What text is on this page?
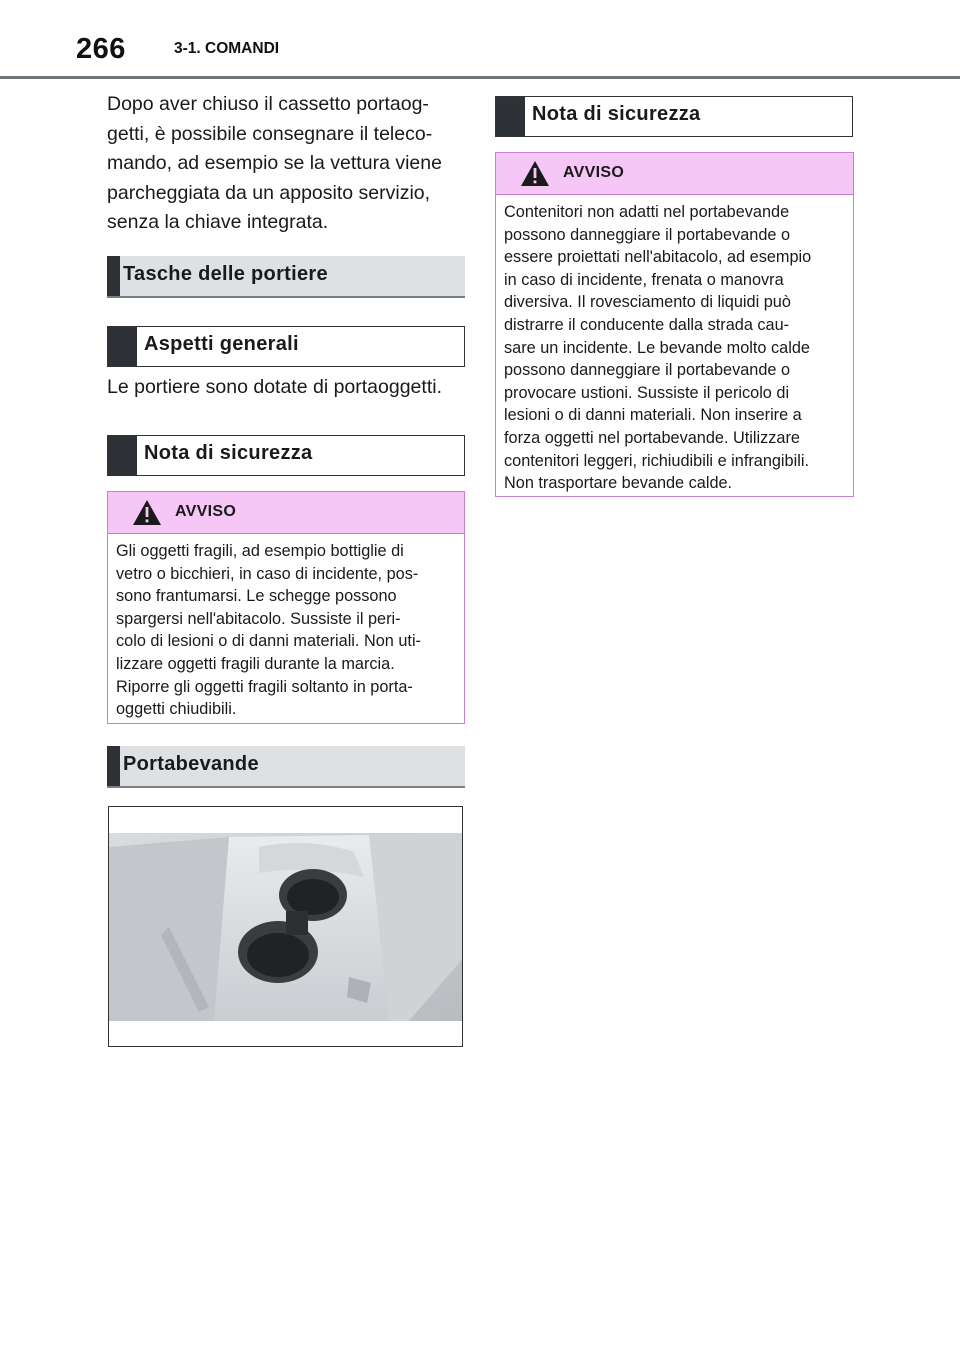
266	3-1. COMANDI
Dopo aver chiuso il cassetto portaog-
getti, è possibile consegnare il teleco-
mando, ad esempio se la vettura viene
parcheggiata da un apposito servizio,
senza la chiave integrata.
Tasche delle portiere
Aspetti generali
Le portiere sono dotate di portaoggetti.
Nota di sicurezza
AVVISO
Gli oggetti fragili, ad esempio bottiglie di
vetro o bicchieri, in caso di incidente, pos-
sono frantumarsi. Le schegge possono
spargersi nell'abitacolo. Sussiste il peri-
colo di lesioni o di danni materiali. Non uti-
lizzare oggetti fragili durante la marcia.
Riporre gli oggetti fragili soltanto in porta-
oggetti chiudibili.
Portabevande
Nota di sicurezza
AVVISO
Contenitori non adatti nel portabevande
possono danneggiare il portabevande o
essere proiettati nell'abitacolo, ad esempio
in caso di incidente, frenata o manovra
diversiva. Il rovesciamento di liquidi può
distrarre il conducente dalla strada cau-
sare un incidente. Le bevande molto calde
possono danneggiare il portabevande o
provocare ustioni. Sussiste il pericolo di
lesioni o di danni materiali. Non inserire a
forza oggetti nel portabevande. Utilizzare
contenitori leggeri, richiudibili e infrangibili.
Non trasportare bevande calde.
